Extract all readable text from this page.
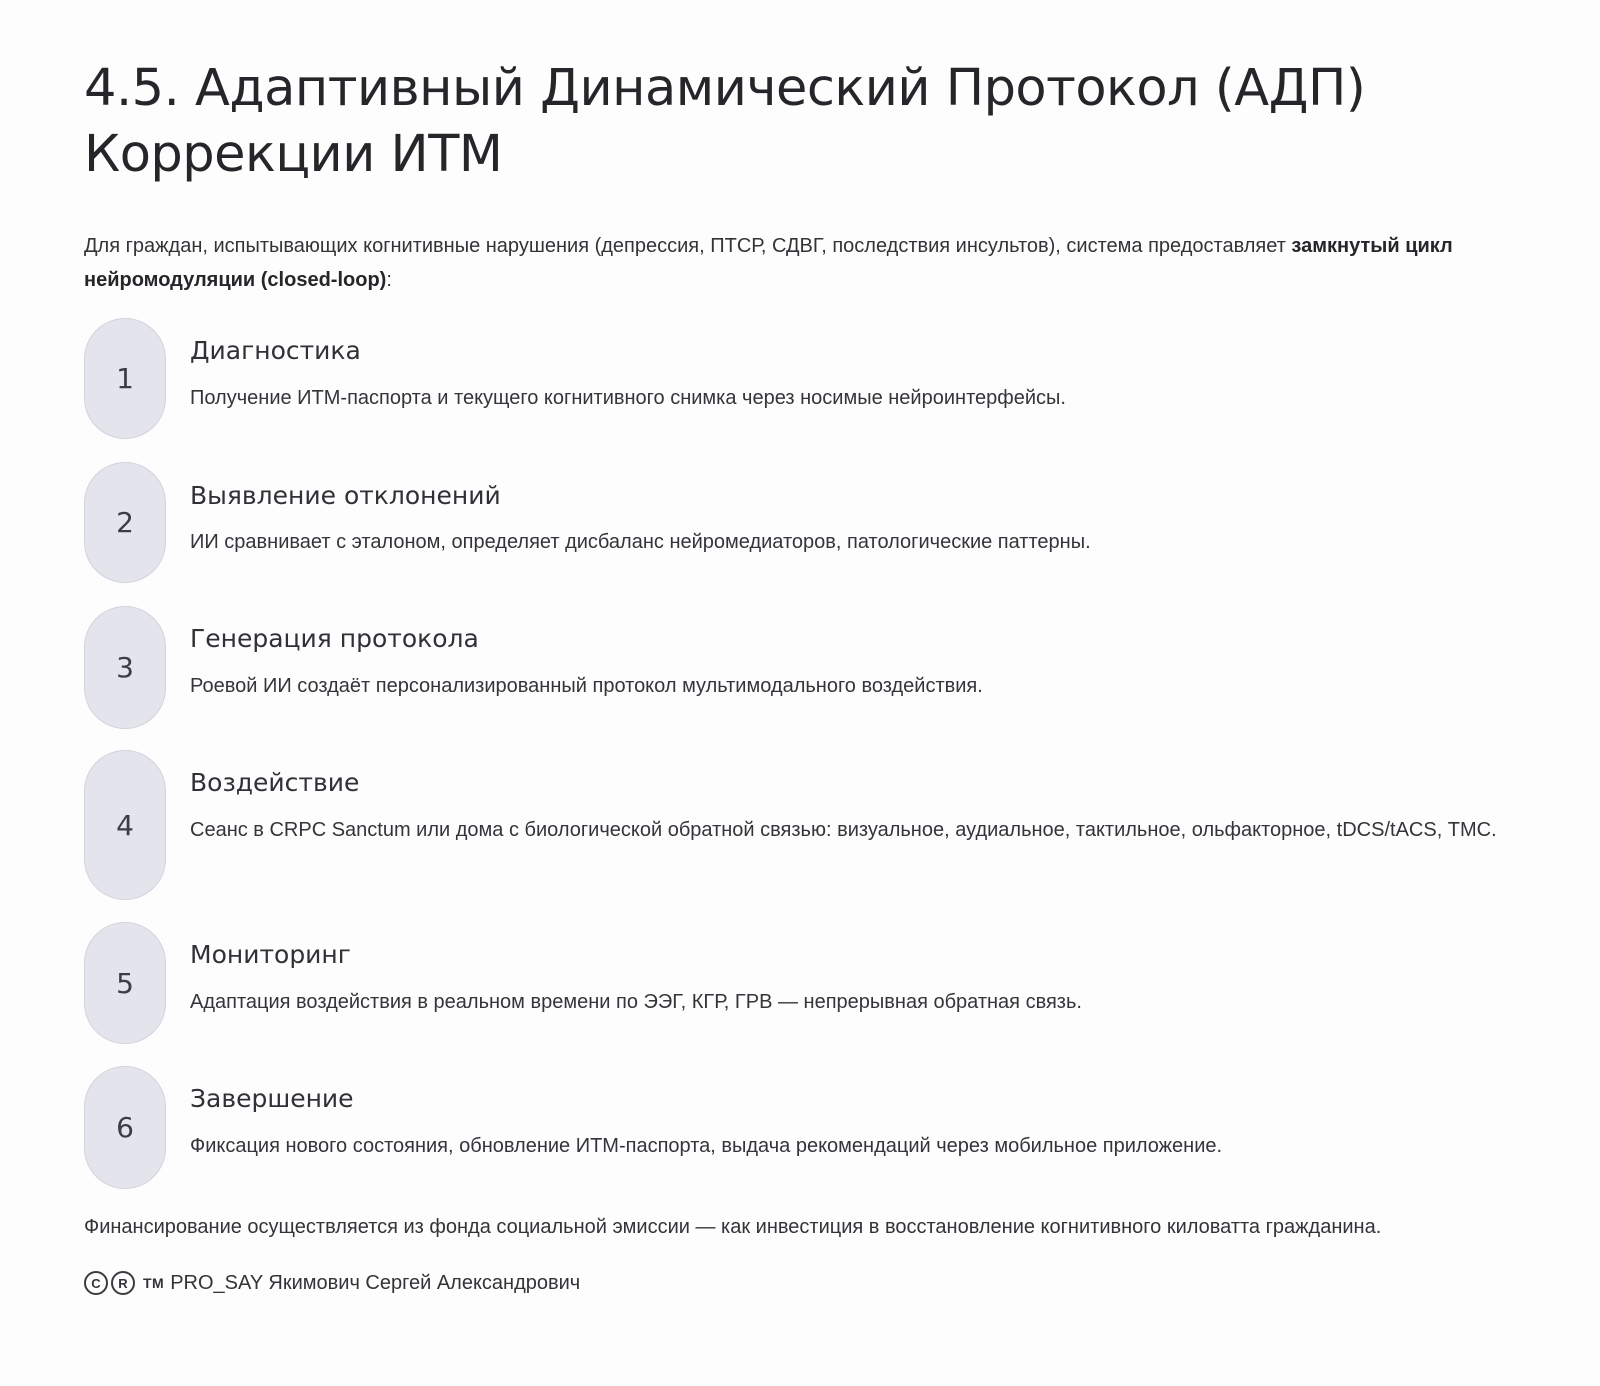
4.5. Адаптивный Динамический Протокол (АДП)
Коррекции ИТМ

Для граждан, испытывающих когнитивные нарушения (депрессия, ПТСР, СДВГ, последствия инсультов), система предоставляет замкнутый цикл нейромодуляции (closed-loop):

1
Диагностика
Получение ИТМ-паспорта и текущего когнитивного снимка через носимые нейроинтерфейсы.
2
Выявление отклонений
ИИ сравнивает с эталоном, определяет дисбаланс нейромедиаторов, патологические паттерны.
3
Генерация протокола
Роевой ИИ создаёт персонализированный протокол мультимодального воздействия.
4
Воздействие
Сеанс в CRPC Sanctum или дома с биологической обратной связью: визуальное, аудиальное, тактильное, ольфакторное, tDCS/tACS, ТМС.
5
Мониторинг
Адаптация воздействия в реальном времени по ЭЭГ, КГР, ГРВ — непрерывная обратная связь.
6
Завершение
Фиксация нового состояния, обновление ИТМ-паспорта, выдача рекомендаций через мобильное приложение.
Финансирование осуществляется из фонда социальной эмиссии — как инвестиция в восстановление когнитивного киловатта гражданина.
C	R	TM PRO_SAY Якимович Сергей Александрович
